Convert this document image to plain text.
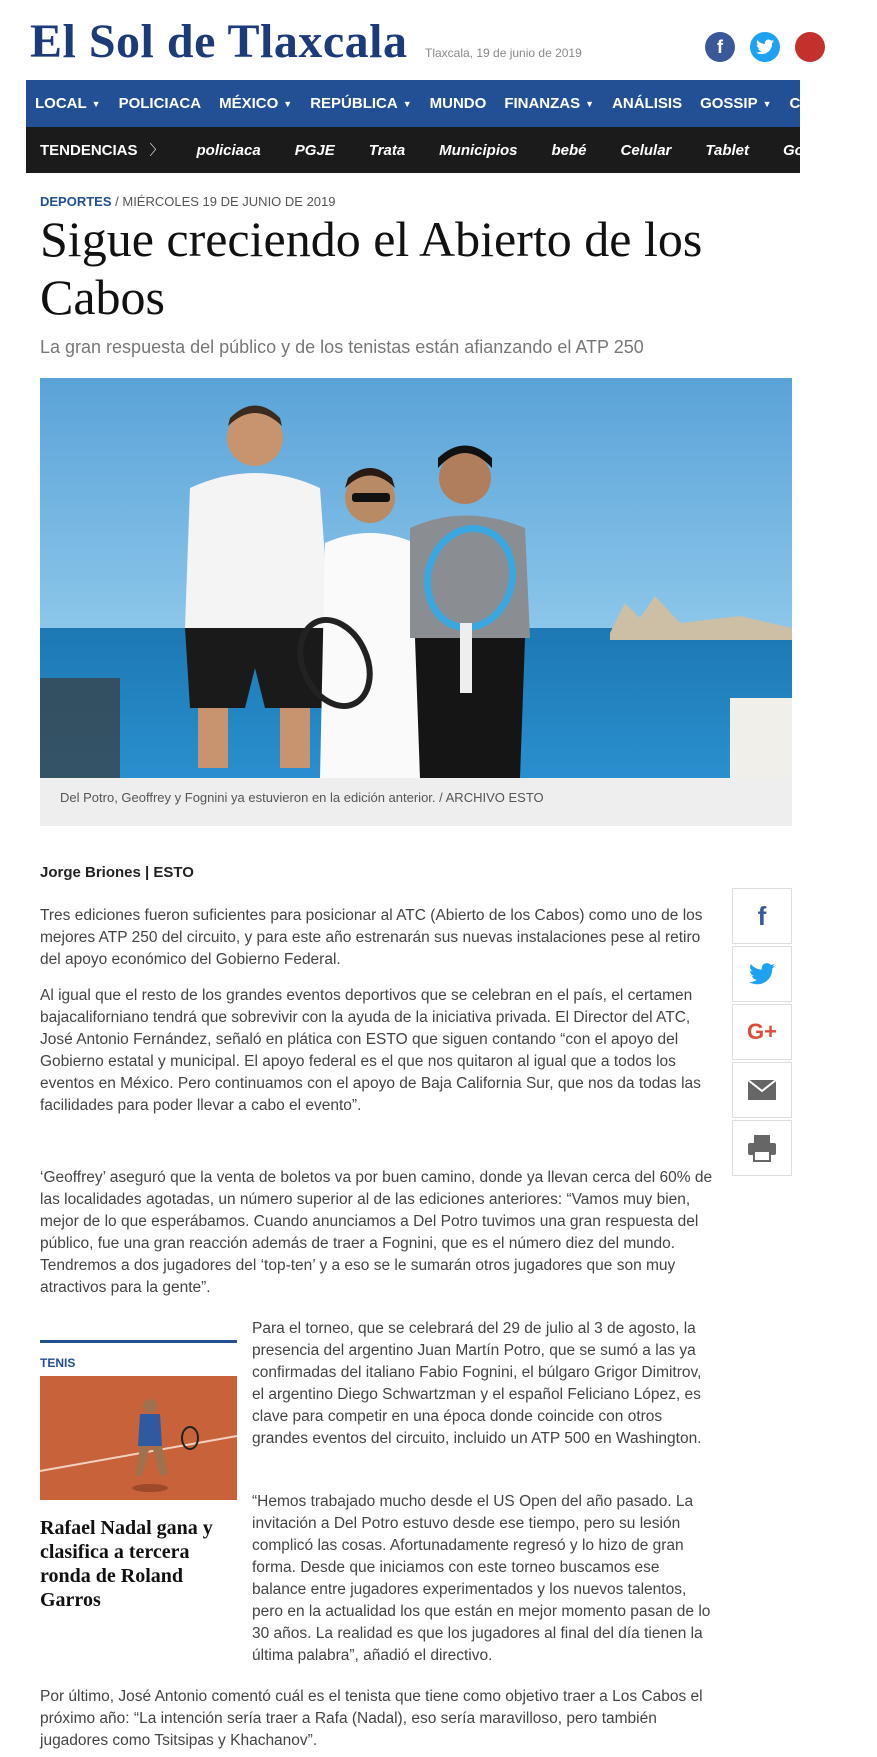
El Sol de Tlaxcala Tlaxcala, 19 de junio de 2019	f
LOCAL ▼ POLICIACA MÉXICO ▼ REPÚBLICA ▼ MUNDO FINANZAS ▼ ANÁLISIS GOSSIP ▼ CÍRCULOS
TENDENCIAS 〉	policiaca	PGJE	Trata	Municipios	bebé	Celular	Tablet	Gobierno
DEPORTES / MIÉRCOLES 19 DE JUNIO DE 2019
Sigue creciendo el Abierto de los Cabos
La gran respuesta del público y de los tenistas están afianzando el ATP 250
Del Potro, Geoffrey y Fognini ya estuvieron en la edición anterior. / ARCHIVO ESTO
Jorge Briones | ESTO
Tres ediciones fueron suficientes para posicionar al ATC (Abierto de los Cabos) como uno de los mejores ATP 250 del circuito, y para este año estrenarán sus nuevas instalaciones pese al retiro del apoyo económico del Gobierno Federal.
Al igual que el resto de los grandes eventos deportivos que se celebran en el país, el certamen bajacaliforniano tendrá que sobrevivir con la ayuda de la iniciativa privada. El Director del ATC, José Antonio Fernández, señaló en plática con ESTO que siguen contando “con el apoyo del Gobierno estatal y municipal. El apoyo federal es el que nos quitaron al igual que a todos los eventos en México. Pero continuamos con el apoyo de Baja California Sur, que nos da todas las facilidades para poder llevar a cabo el evento”.
‘Geoffrey’ aseguró que la venta de boletos va por buen camino, donde ya llevan cerca del 60% de las localidades agotadas, un número superior al de las ediciones anteriores: “Vamos muy bien, mejor de lo que esperábamos. Cuando anunciamos a Del Potro tuvimos una gran respuesta del público, fue una gran reacción además de traer a Fognini, que es el número diez del mundo. Tendremos a dos jugadores del ‘top-ten’ y a eso se le sumarán otros jugadores que son muy atractivos para la gente”.
Para el torneo, que se celebrará del 29 de julio al 3 de agosto, la presencia del argentino Juan Martín Potro, que se sumó a las ya confirmadas del italiano Fabio Fognini, el búlgaro Grigor Dimitrov, el argentino Diego Schwartzman y el español Feliciano López, es clave para competir en una época donde coincide con otros grandes eventos del circuito, incluido un ATP 500 en Washington.
“Hemos trabajado mucho desde el US Open del año pasado. La invitación a Del Potro estuvo desde ese tiempo, pero su lesión complicó las cosas. Afortunadamente regresó y lo hizo de gran forma. Desde que iniciamos con este torneo buscamos ese balance entre jugadores experimentados y los nuevos talentos, pero en la actualidad los que están en mejor momento pasan de lo 30 años. La realidad es que los jugadores al final del día tienen la última palabra”, añadió el directivo.
Por último, José Antonio comentó cuál es el tenista que tiene como objetivo traer a Los Cabos el próximo año: “La intención sería traer a Rafa (Nadal), eso sería maravilloso, pero también jugadores como Tsitsipas y Khachanov”.
f
G+
TENIS
Rafael Nadal gana y clasifica a tercera ronda de Roland Garros
